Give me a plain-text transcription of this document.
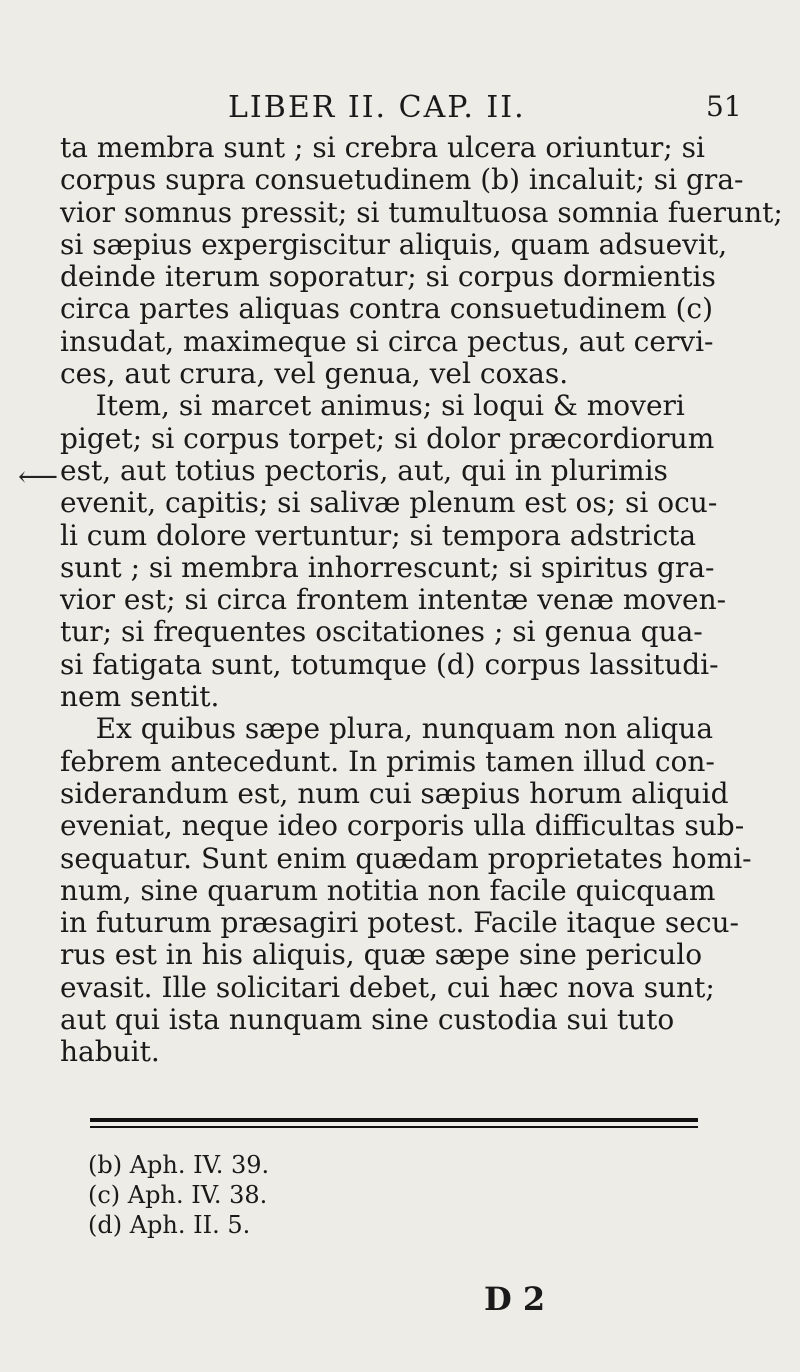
LIBER II. CAP. II.	51
⟵
ta membra sunt ; si crebra ulcera oriuntur; si
corpus supra consuetudinem (b) incaluit; si gra-
vior somnus pressit; si tumultuosa somnia fuerunt;
si sæpius expergiscitur aliquis, quam adsuevit,
deinde iterum soporatur; si corpus dormientis
circa partes aliquas contra consuetudinem (c)
insudat, maximeque si circa pectus, aut cervi-
ces, aut crura, vel genua, vel coxas.
Item, si marcet animus; si loqui & moveri
piget; si corpus torpet; si dolor præcordiorum
est, aut totius pectoris, aut, qui in plurimis
evenit, capitis; si salivæ plenum est os; si ocu-
li cum dolore vertuntur; si tempora adstricta
sunt ; si membra inhorrescunt; si spiritus gra-
vior est; si circa frontem intentæ venæ moven-
tur; si frequentes oscitationes ; si genua qua-
si fatigata sunt, totumque (d) corpus lassitudi-
nem sentit.
Ex quibus sæpe plura, nunquam non aliqua
febrem antecedunt. In primis tamen illud con-
siderandum est, num cui sæpius horum aliquid
eveniat, neque ideo corporis ulla difficultas sub-
sequatur. Sunt enim quædam proprietates homi-
num, sine quarum notitia non facile quicquam
in futurum præsagiri potest. Facile itaque secu-
rus est in his aliquis, quæ sæpe sine periculo
evasit. Ille solicitari debet, cui hæc nova sunt;
aut qui ista nunquam sine custodia sui tuto
habuit.
(b) Aph. IV. 39.
(c) Aph. IV. 38.
(d) Aph. II. 5.
D 2
